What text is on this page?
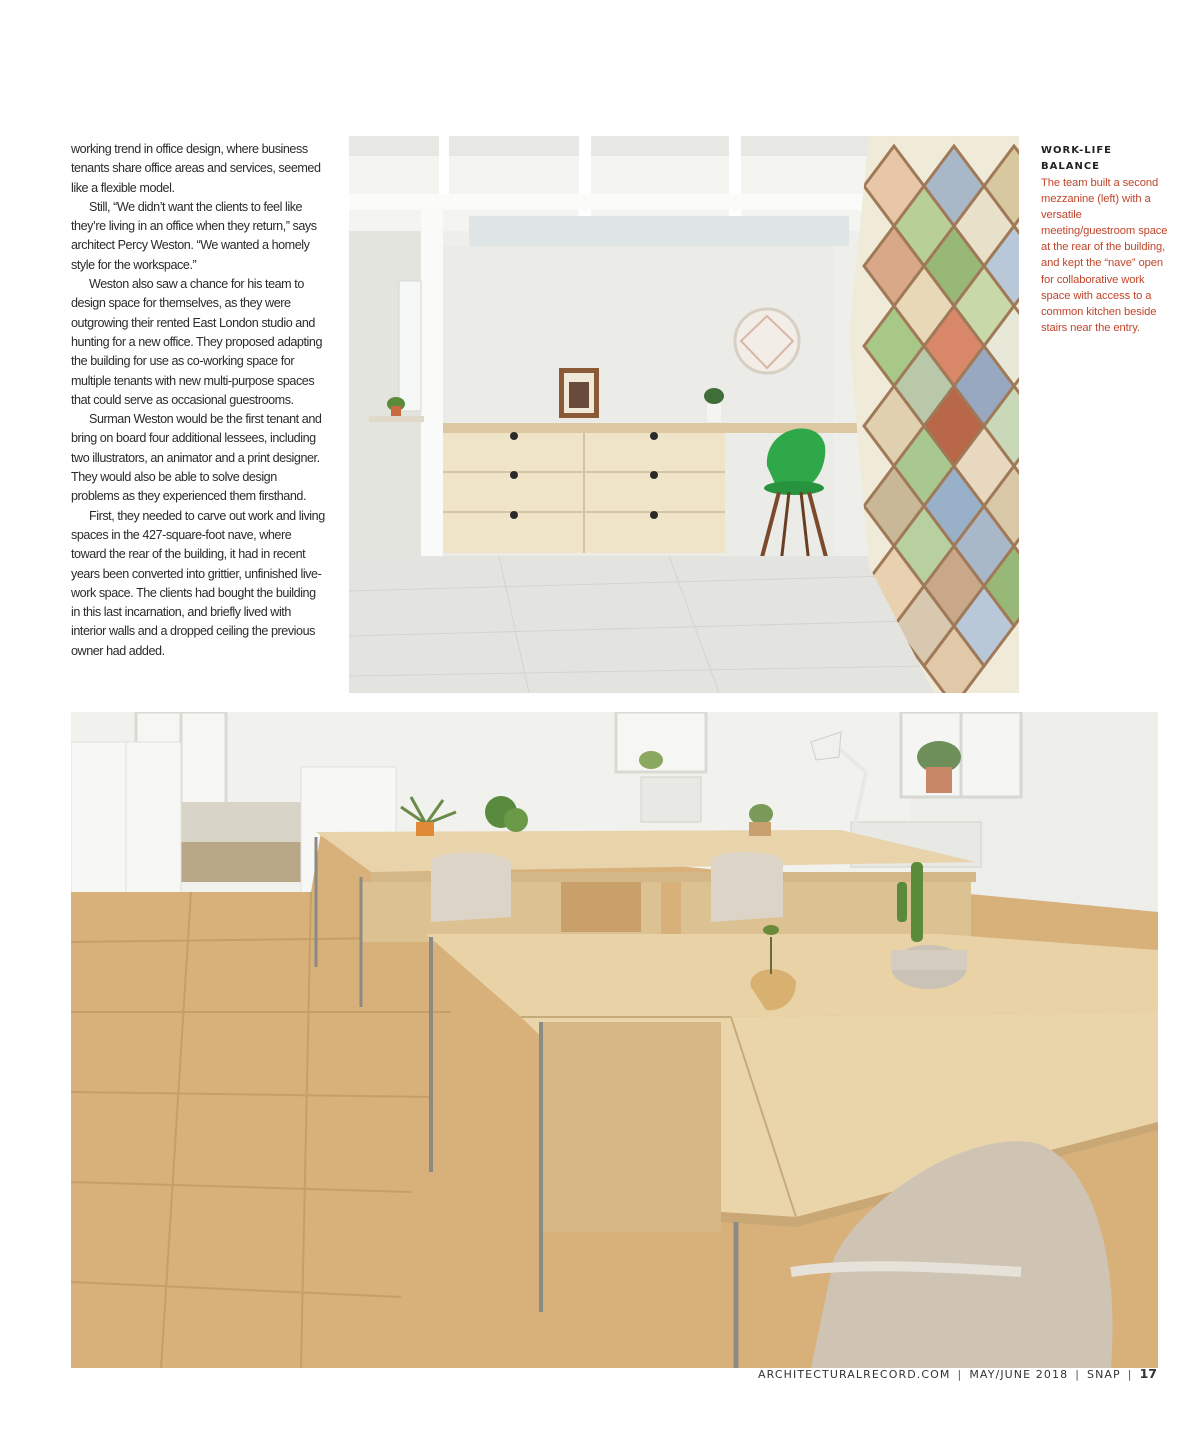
working trend in office design, where business tenants share office areas and services, seemed like a flexible model.

Still, “We didn’t want the clients to feel like they’re living in an office when they return,” says architect Percy Weston. “We wanted a homely style for the workspace.”

Weston also saw a chance for his team to design space for themselves, as they were outgrowing their rented East London studio and hunting for a new office. They proposed adapting the building for use as co-working space for multiple tenants with new multi-purpose spaces that could serve as occasional guestrooms.

Surman Weston would be the first tenant and bring on board four additional lessees, including two illustrators, an animator and a print designer. They would also be able to solve design problems as they experienced them firsthand.

First, they needed to carve out work and living spaces in the 427-square-foot nave, where toward the rear of the building, it had in recent years been converted into grittier, unfinished live-work space. The clients had bought the building in this last incarnation, and briefly lived with interior walls and a dropped ceiling the previous owner had added.

WORK-LIFE
BALANCE
The team built a second mezzanine (left) with a versatile meeting/guestroom space at the rear of the building, and kept the “nave” open for collaborative work space with access to a common kitchen beside stairs near the entry.
ARCHITECTURALRECORD.COM | MAY/JUNE 2018 | SNAP | 17
